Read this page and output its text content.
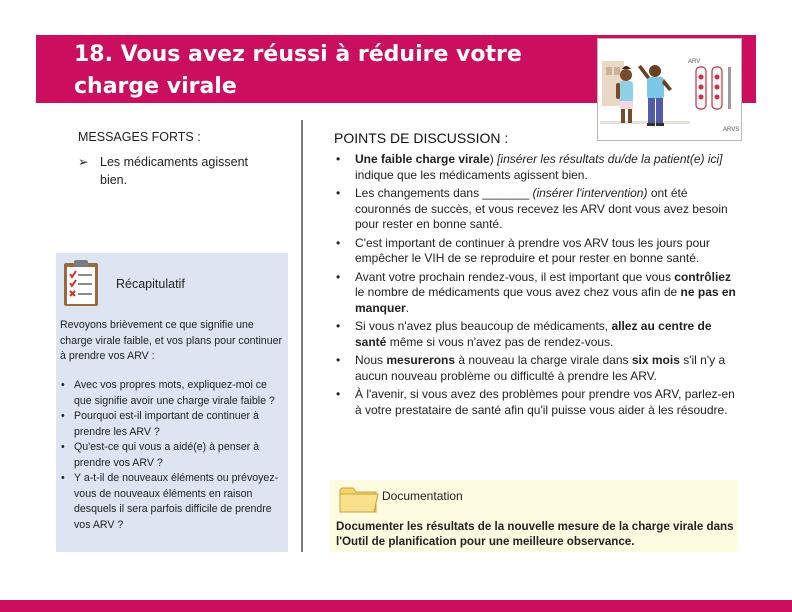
18. Vous avez réussi à réduire votre charge virale
ARV
ARVS
MESSAGES FORTS :
➢ Les médicaments agissent bien.
Récapitulatif

Revoyons brièvement ce que signifie une charge virale faible, et vos plans pour continuer à prendre vos ARV :

• Avec vos propres mots, expliquez-moi ce que signifie avoir une charge virale faible ?
• Pourquoi est-il important de continuer à prendre les ARV ?
• Qu'est-ce qui vous a aidé(e) à penser à prendre vos ARV ?
• Y a-t-il de nouveaux éléments ou prévoyez-vous de nouveaux éléments en raison desquels il sera parfois difficile de prendre vos ARV ?
POINTS DE DISCUSSION :
• Une faible charge virale) [insérer les résultats du/de la patient(e) ici] indique que les médicaments agissent bien.
• Les changements dans _______ (insérer l'intervention) ont été couronnés de succès, et vous recevez les ARV dont vous avez besoin pour rester en bonne santé.
• C'est important de continuer à prendre vos ARV tous les jours pour empêcher le VIH de se reproduire et pour rester en bonne santé.
• Avant votre prochain rendez-vous, il est important que vous contrôliez le nombre de médicaments que vous avez chez vous afin de ne pas en manquer.
• Si vous n'avez plus beaucoup de médicaments, allez au centre de santé même si vous n'avez pas de rendez-vous.
• Nous mesurerons à nouveau la charge virale dans six mois s'il n'y a aucun nouveau problème ou difficulté à prendre les ARV.
• À l'avenir, si vous avez des problèmes pour prendre vos ARV, parlez-en à votre prestataire de santé afin qu'il puisse vous aider à les résoudre.
Documentation

Documenter les résultats de la nouvelle mesure de la charge virale dans l'Outil de planification pour une meilleure observance.
